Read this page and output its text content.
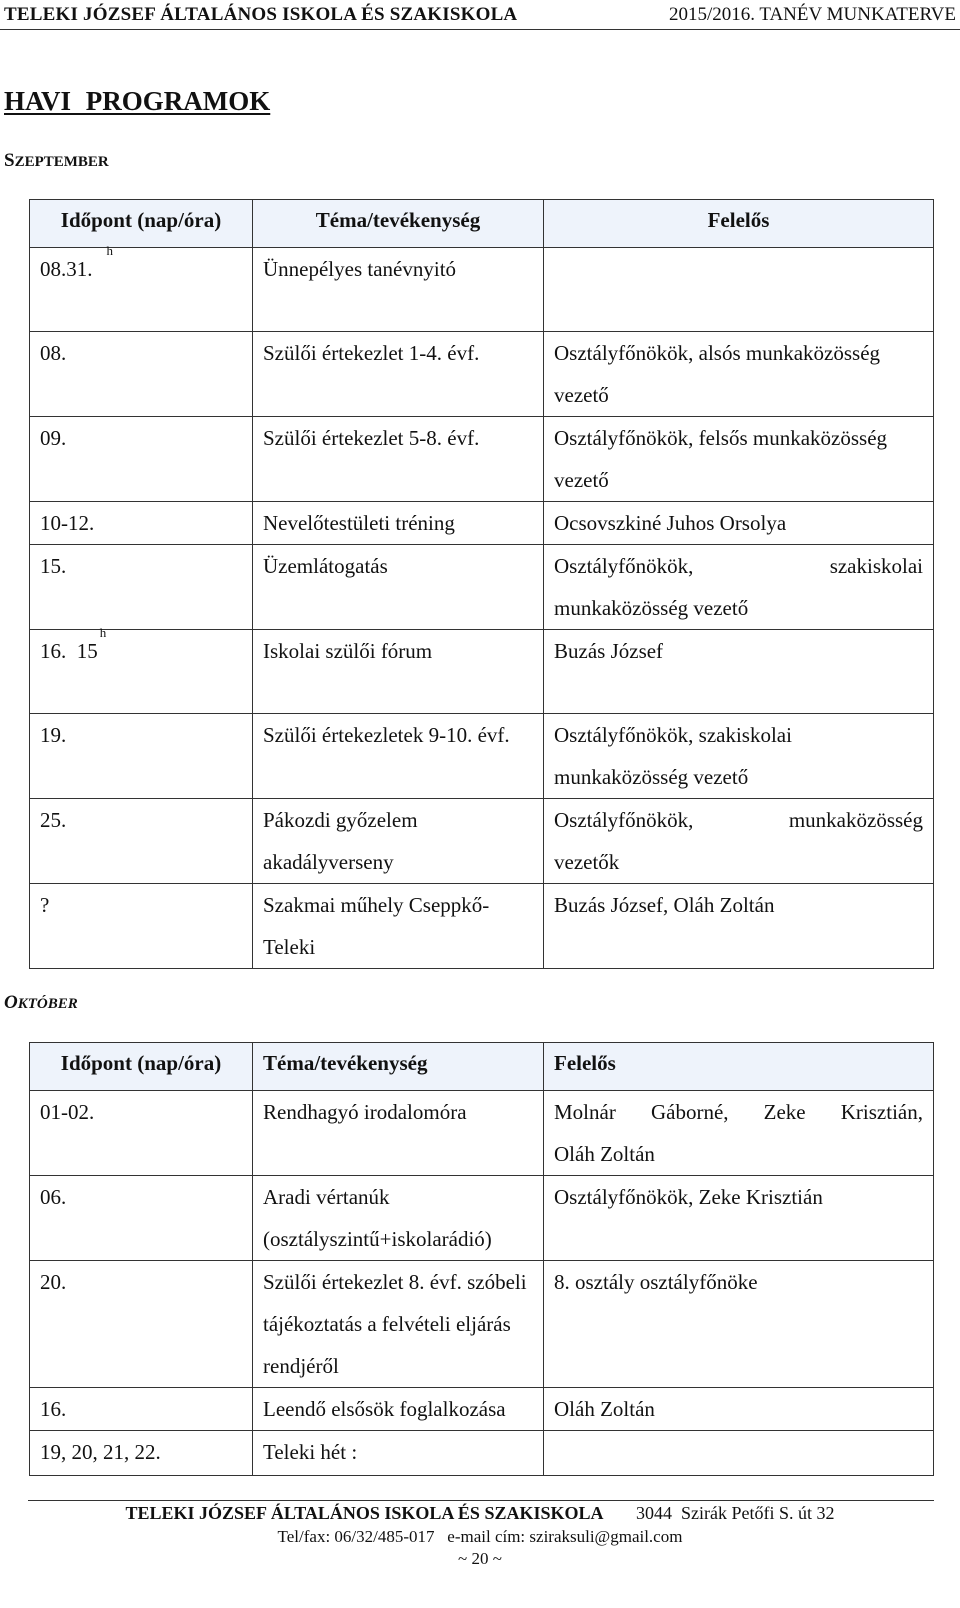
TELEKI JÓZSEF ÁLTALÁNOS ISKOLA ÉS SZAKISKOLA	2015/2016. TANÉV MUNKATERVE
HAVI PROGRAMOK
SZEPTEMBER
Időpont (nap/óra)	Téma/tevékenység	Felelős
08.31.$^h$	Ünnepélyes tanévnyitó	
08.	Szülői értekezlet 1-4. évf.	Osztályfőnökök, alsós munkaközösség vezető
09.	Szülői értekezlet 5-8. évf.	Osztályfőnökök, felsős munkaközösség vezető
10-12.	Nevelőtestületi tréning	Ocsovszkiné Juhos Orsolya
15.	Üzemlátogatás	Osztályfőnökök, szakiskolai
munkaközösség vezető

16.  15$^h$	Iskolai szülői fórum	Buzás József
19.	Szülői értekezletek 9-10. évf.	Osztályfőnökök, szakiskolai munkaközösség vezető
25.	Pákozdi győzelem akadályverseny	Osztályfőnökök, munkaközösség
vezetők

?	Szakmai műhely Cseppkő-Teleki	Buzás József, Oláh Zoltán
OKTÓBER
Időpont (nap/óra)	Téma/tevékenység	Felelős
01-02.	Rendhagyó irodalomóra	Molnár Gáborné, Zeke Krisztián,
Oláh Zoltán

06.	Aradi vértanúk (osztályszintű+iskolarádió)	Osztályfőnökök, Zeke Krisztián
20.	Szülői értekezlet 8. évf. szóbeli tájékoztatás a felvételi eljárás rendjéről	8. osztály osztályfőnöke
16.	Leendő elsősök foglalkozása	Oláh Zoltán
19, 20, 21, 22.	Teleki hét :	
TELEKI JÓZSEF ÁLTALÁNOS ISKOLA ÉS SZAKISKOLA 3044  Szirák Petőfi S. út 32
Tel/fax: 06/32/485-017   e-mail cím: sziraksuli@gmail.com
~ 20 ~
